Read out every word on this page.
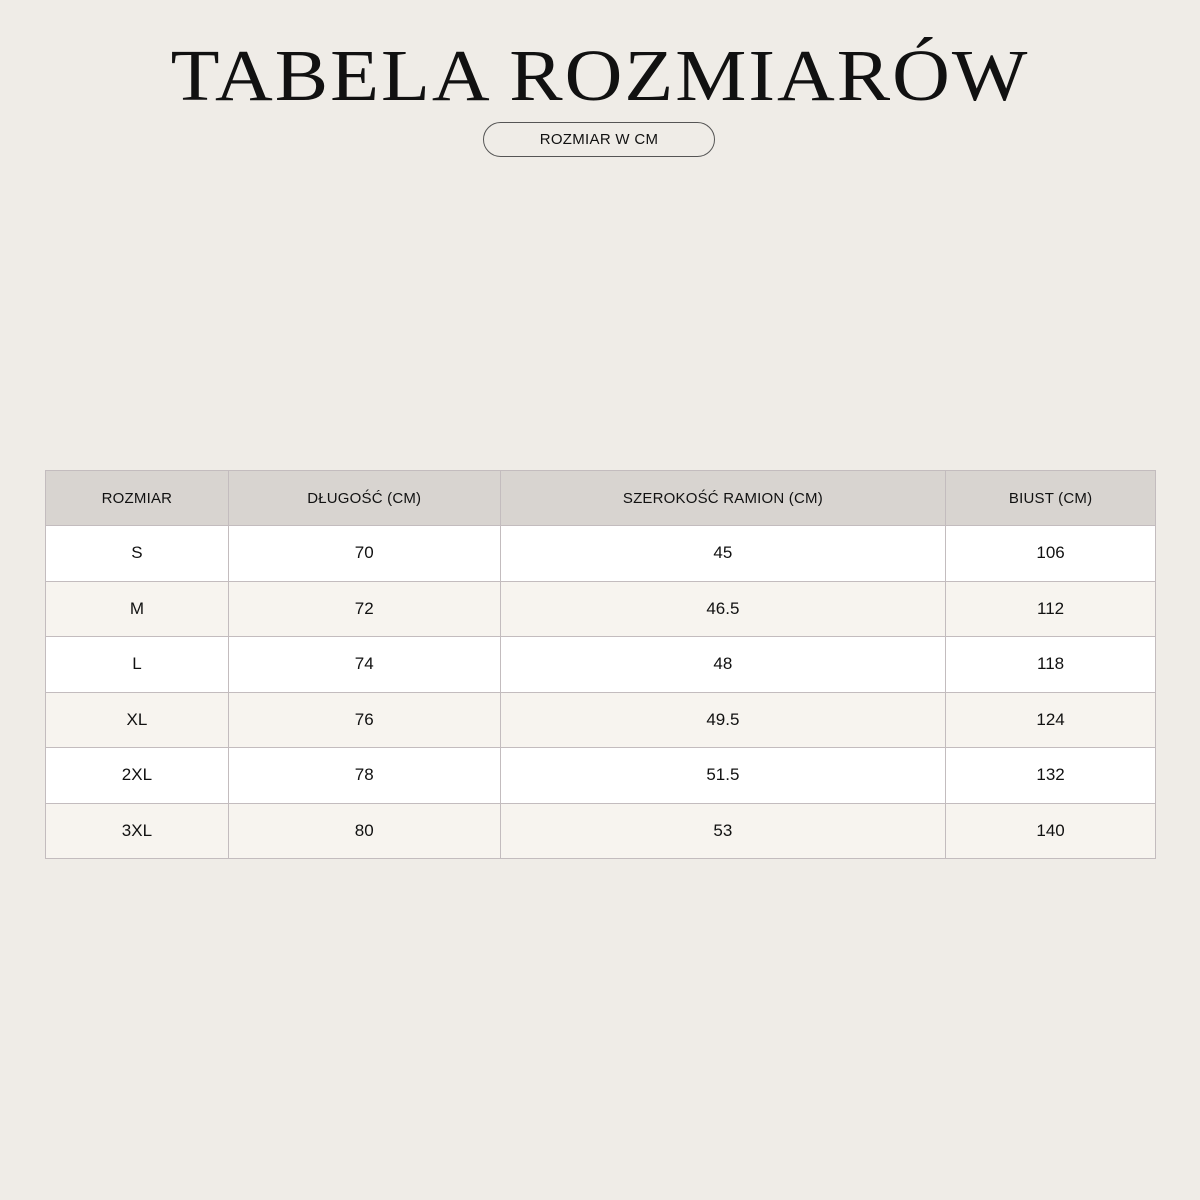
TABELA ROZMIARÓW
ROZMIAR W CM
ROZMIAR	DŁUGOŚĆ (CM)	SZEROKOŚĆ RAMION (CM)	BIUST (CM)
S	70	45	106
M	72	46.5	112
L	74	48	118
XL	76	49.5	124
2XL	78	51.5	132
3XL	80	53	140
